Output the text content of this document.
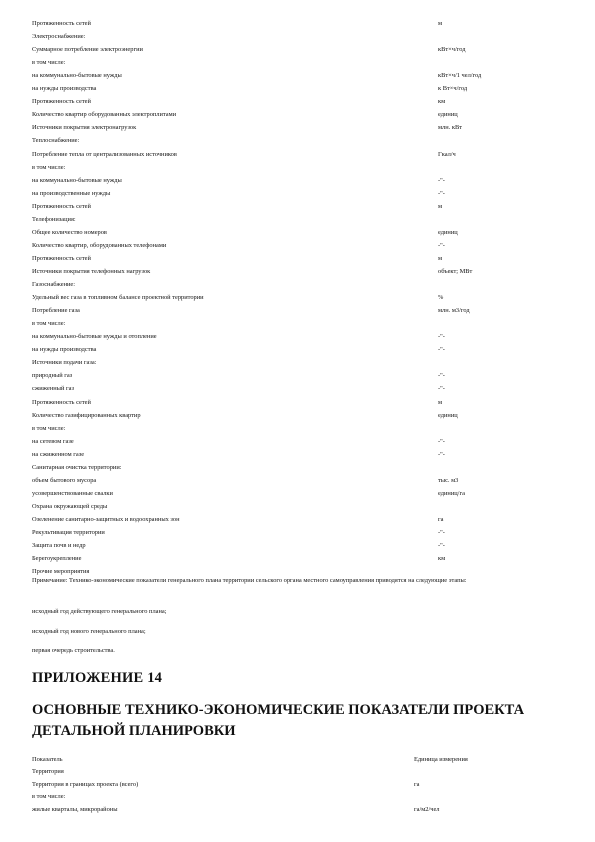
Протяженность сетей	м
Электроснабжение:
Суммарное потребление электроэнергии	кВт×ч/год
в том числе:
на коммунально-бытовые нужды	кВт×ч/1 чел/год
на нужды производства	к Вт×ч/год
Протяженность сетей	км
Количество квартир оборудованных электроплитами	единиц
Источники покрытия электронагрузок	млн. кВт
Теплоснабжение:
Потребление тепла от централизованных источников	Гкал/ч
в том числе:
на коммунально-бытовые нужды	-"-
на производственные нужды	-"-
Протяженность сетей	м
Телефонизация:
Общее количество номеров	единиц
Количество квартир, оборудованных телефонами	-"-
Протяженность сетей	м
Источники покрытия телефонных нагрузок	объект; МВт
Газоснабжение:
Удельный вес газа в топливном балансе проектной территории	%
Потребление газа	млн. м3/год
в том числе:
на коммунально-бытовые нужды и отопление	-"-
на нужды производства	-"-
Источники подачи газа:
природный газ	-"-
сжиженный газ	-"-
Протяженность сетей	м
Количество газифицированных квартир	единиц
в том числе:
на сетевом газе	-"-
на сжиженном газе	-"-
Санитарная очистка территории:
объем бытового мусора	тыс. м3
усовершенствованные свалки	единиц/га
Охрана окружающей среды
Озеленение санитарно-защитных и водоохранных зон	га
Рекультивация территории	-"-
Защита почв и недр	-"-
Берегоукрепление	км
Прочие мероприятия
Примечание: Технико-экономические показатели генерального плана территории сельского органа местного самоуправления приводятся на следующие этапы:
исходный год действующего генерального плана;
исходный год нового генерального плана;
первая очередь строительства.
ПРИЛОЖЕНИЕ 14
ОСНОВНЫЕ ТЕХНИКО-ЭКОНОМИЧЕСКИЕ ПОКАЗАТЕЛИ ПРОЕКТА ДЕТАЛЬНОЙ ПЛАНИРОВКИ
Показатель	Единица измерения
Территория
Территория в границах проекта (всего)	га
в том числе:
жилые кварталы, микрорайоны	га/м2/чел
